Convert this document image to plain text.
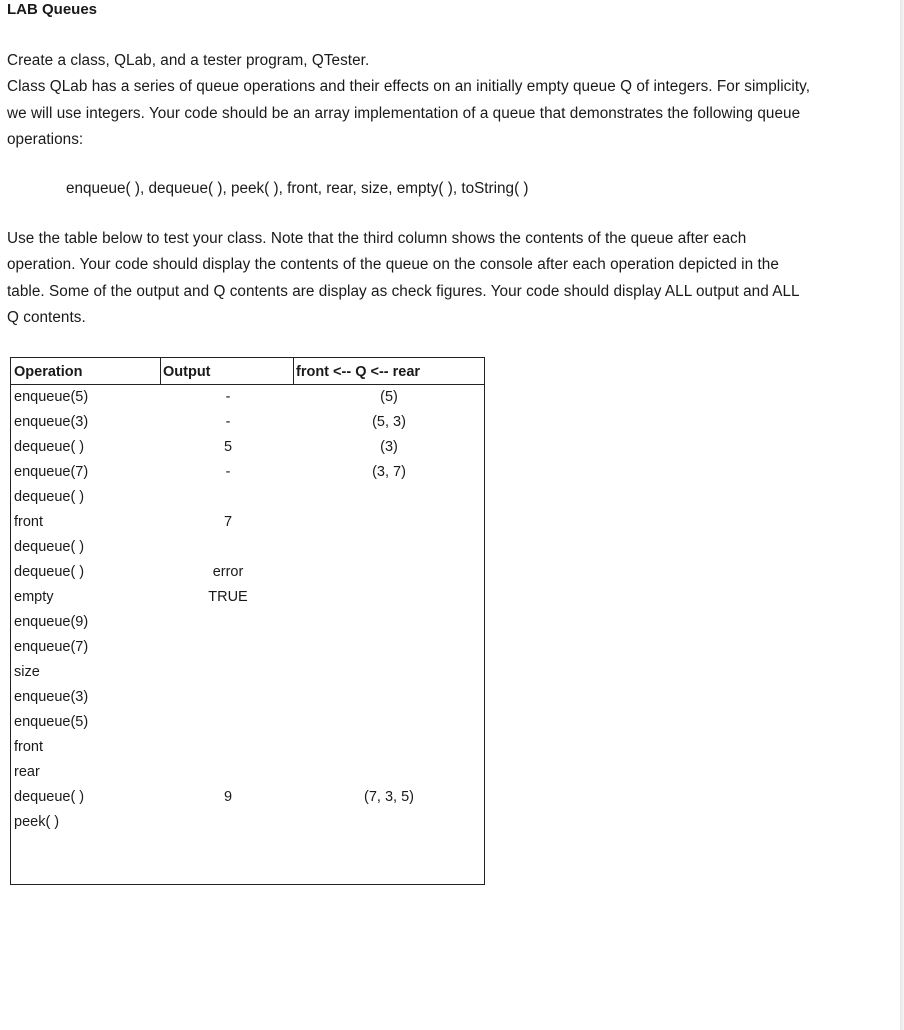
LAB Queues

Create a class, QLab, and a tester program, QTester.

Class QLab has a series of queue operations and their effects on an initially empty queue Q of integers. For simplicity,

we will use integers. Your code should be an array implementation of a queue that demonstrates the following queue

operations:

enqueue( ), dequeue( ), peek( ), front, rear, size, empty( ), toString( )

Use the table below to test your class. Note that the third column shows the contents of the queue after each

operation. Your code should display the contents of the queue on the console after each operation depicted in the

table. Some of the output and Q contents are display as check figures. Your code should display ALL output and ALL

Q contents.

Operation	Output	front <-- Q <-- rear
enqueue(5)	-	(5)
enqueue(3)	-	(5, 3)
dequeue( )	5	(3)
enqueue(7)	-	(3, 7)
dequeue( )
front	7
dequeue( )
dequeue( )	error
empty	TRUE
enqueue(9)
enqueue(7)
size
enqueue(3)
enqueue(5)
front
rear
dequeue( )	9	(7, 3, 5)
peek( )
